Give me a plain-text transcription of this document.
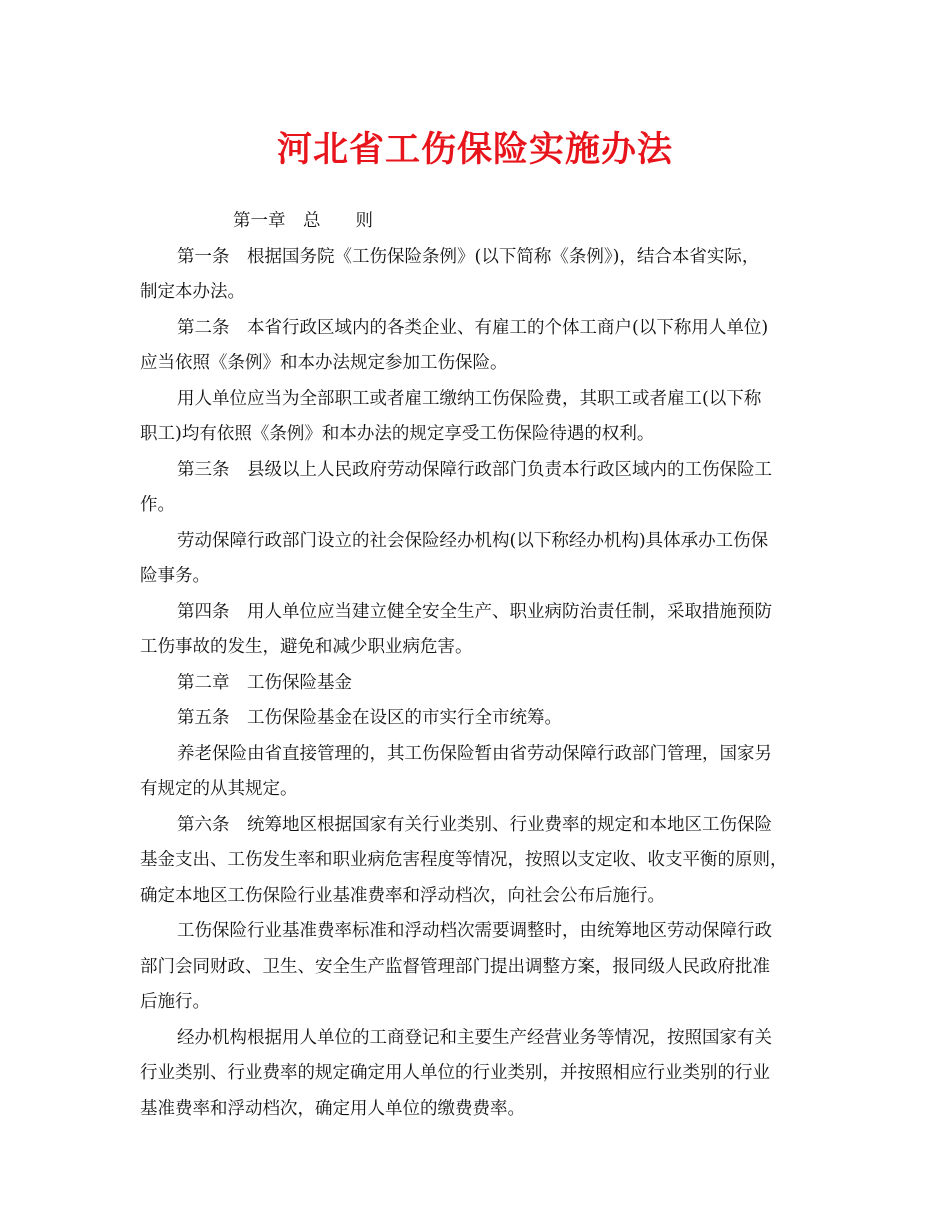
河北省工伤保险实施办法
第一章　总　　则
第一条　根据国务院《工伤保险条例》(以下简称《条例》)，结合本省实际，
制定本办法。
第二条　本省行政区域内的各类企业、有雇工的个体工商户(以下称用人单位)
应当依照《条例》和本办法规定参加工伤保险。
用人单位应当为全部职工或者雇工缴纳工伤保险费，其职工或者雇工(以下称
职工)均有依照《条例》和本办法的规定享受工伤保险待遇的权利。
第三条　县级以上人民政府劳动保障行政部门负责本行政区域内的工伤保险工
作。
劳动保障行政部门设立的社会保险经办机构(以下称经办机构)具体承办工伤保
险事务。
第四条　用人单位应当建立健全安全生产、职业病防治责任制，采取措施预防
工伤事故的发生，避免和减少职业病危害。
第二章　工伤保险基金
第五条　工伤保险基金在设区的市实行全市统筹。
养老保险由省直接管理的，其工伤保险暂由省劳动保障行政部门管理，国家另
有规定的从其规定。
第六条　统筹地区根据国家有关行业类别、行业费率的规定和本地区工伤保险
基金支出、工伤发生率和职业病危害程度等情况，按照以支定收、收支平衡的原则，
确定本地区工伤保险行业基准费率和浮动档次，向社会公布后施行。
工伤保险行业基准费率标准和浮动档次需要调整时，由统筹地区劳动保障行政
部门会同财政、卫生、安全生产监督管理部门提出调整方案，报同级人民政府批准
后施行。
经办机构根据用人单位的工商登记和主要生产经营业务等情况，按照国家有关
行业类别、行业费率的规定确定用人单位的行业类别，并按照相应行业类别的行业
基准费率和浮动档次，确定用人单位的缴费费率。
